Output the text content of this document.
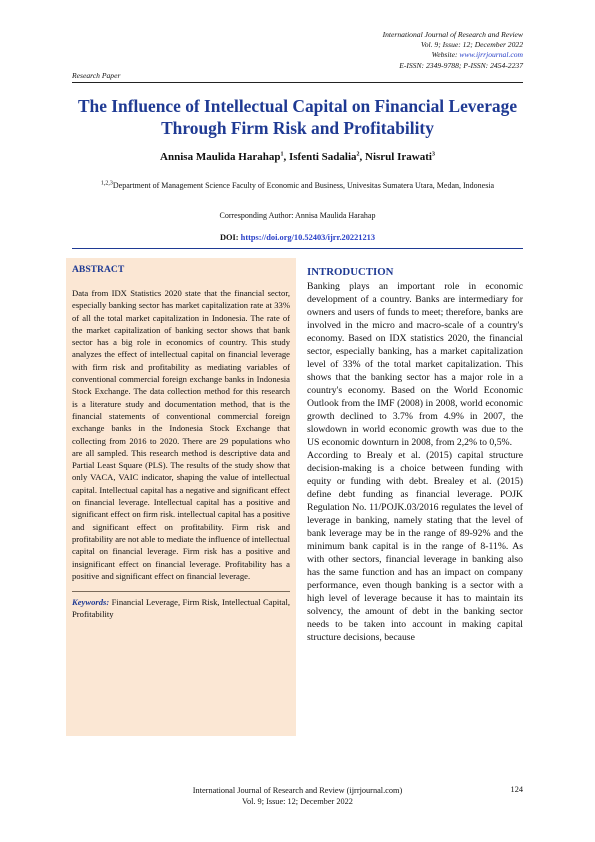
International Journal of Research and Review
Vol. 9; Issue: 12; December 2022
Website: www.ijrrjournal.com
E-ISSN: 2349-9788; P-ISSN: 2454-2237
Research Paper
The Influence of Intellectual Capital on Financial Leverage Through Firm Risk and Profitability
Annisa Maulida Harahap$^1$, Isfenti Sadalia$^2$, Nisrul Irawati$^3$
$^{1,2,3}$Department of Management Science Faculty of Economic and Business, Univesitas Sumatera Utara, Medan, Indonesia
Corresponding Author: Annisa Maulida Harahap
DOI: https://doi.org/10.52403/ijrr.20221213
ABSTRACT

Data from IDX Statistics 2020 state that the financial sector, especially banking sector has market capitalization rate at 33% of all the total market capitalization in Indonesia. The rate of the market capitalization of banking sector shows that bank sector has a big role in economics of country. This study analyzes the effect of intellectual capital on financial leverage with firm risk and profitability as mediating variables of conventional commercial foreign exchange banks in Indonesia Stock Exchange. The data collection method for this research is a literature study and documentation method, that is the financial statements of conventional commercial foreign exchange banks in the Indonesia Stock Exchange that collecting from 2016 to 2020. There are 29 populations who are all sampled. This research method is descriptive data and Partial Least Square (PLS). The results of the study show that only VACA, VAIC indicator, shaping the value of intellectual capital. Intellectual capital has a negative and significant effect on financial leverage. Intellectual capital has a positive and significant effect on firm risk. intellectual capital has a positive and significant effect on profitability. Firm risk and profitability are not able to mediate the influence of intellectual capital on financial leverage. Firm risk has a positive and insignificant effect on financial leverage. Profitability has a positive and significant effect on financial leverage.

Keywords: Financial Leverage, Firm Risk, Intellectual Capital, Profitability
INTRODUCTION

Banking plays an important role in economic development of a country. Banks are intermediary for owners and users of funds to meet; therefore, banks are involved in the micro and macro-scale of a country's economy. Based on IDX statistics 2020, the financial sector, especially banking, has a market capitalization level of 33% of the total market capitalization. This shows that the banking sector has a major role in a country's economy. Based on the World Economic Outlook from the IMF (2008) in 2008, world economic growth declined to 3.7% from 4.9% in 2007, the slowdown in world economic growth was due to the US economic downturn in 2008, from 2,2% to 0,5%.

According to Brealy et al. (2015) capital structure decision-making is a choice between funding with equity or funding with debt. Brealey et al. (2015) define debt funding as financial leverage. POJK Regulation No. 11/POJK.03/2016 regulates the level of leverage in banking, namely stating that the level of bank leverage may be in the range of 89-92% and the minimum bank capital is in the range of 8-11%. As with other sectors, financial leverage in banking also has the same function and has an impact on company performance, even though banking is a sector with a high level of leverage because it has to maintain its solvency, the amount of debt in the banking sector needs to be taken into account in making capital structure decisions, because

International Journal of Research and Review (ijrrjournal.com)
Vol. 9; Issue: 12; December 2022
124
